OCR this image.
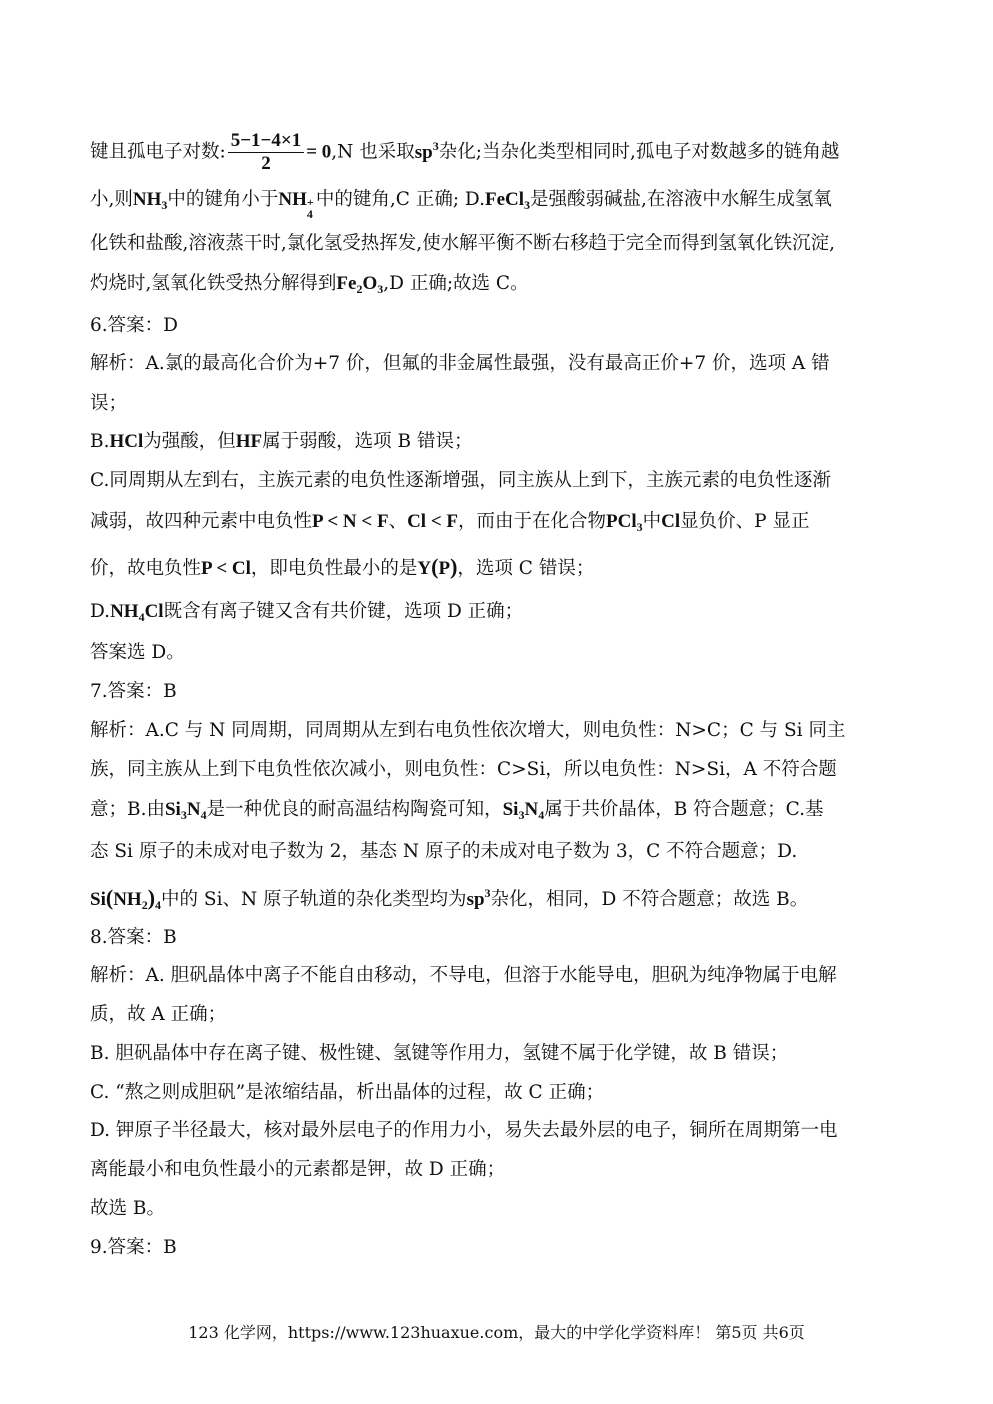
键且孤电子对数: $\frac{5-1-4\times 1}{2} = 0,N$ 也采取$sp^3$杂化;当杂化类型相同时,孤电子对数越多的链角越
小,则$NH_3$中的键角小于NH +
4
中的键角,C 正确; D.FeCl$_3$是强酸弱碱盐,在溶液中水解生成氢氧
化铁和盐酸,溶液蒸干时,氯化氢受热挥发,使水解平衡不断右移趋于完全而得到氢氧化铁沉淀,
灼烧时,氢氧化铁受热分解得到$Fe_2O_3,D$ 正确;故选 C。
6.答案：D
解析：A.氯的最高化合价为+7 价，但氟的非金属性最强，没有最高正价+7 价，选项 A 错
误；
B.HCl为强酸，但HF属于弱酸，选项 B 错误；
C.同周期从左到右，主族元素的电负性逐渐增强，同主族从上到下，主族元素的电负性逐渐
减弱，故四种元素中电负性P < N < F、Cl < F，而由于在化合物PCl$_3$中Cl显负价、P 显正
价，故电负性P < Cl，即电负性最小的是Y(P)，选项 C 错误；
$D.NH_4Cl$既含有离子键又含有共价键，选项 D 正确；
答案选 D。
7.答案：B
解析：A.C 与 N 同周期，同周期从左到右电负性依次增大，则电负性：N>C；C 与 Si 同主
族，同主族从上到下电负性依次减小，则电负性：C>Si，所以电负性：N>Si，A 不符合题
意；B.由$Si_3N_4$是一种优良的耐高温结构陶瓷可知，$Si_3N_4$属于共价晶体，B 符合题意；C.基
态 Si 原子的未成对电子数为 2，基态 N 原子的未成对电子数为 3，C 不符合题意；D.
$Si(NH_2)_4$中的 Si、N 原子轨道的杂化类型均为$sp^3$杂化，相同，D 不符合题意；故选 B。
8.答案：B
解析：A. 胆矾晶体中离子不能自由移动，不导电，但溶于水能导电，胆矾为纯净物属于电解
质，故 A 正确；
B. 胆矾晶体中存在离子键、极性键、氢键等作用力，氢键不属于化学键，故 B 错误；
C. “熬之则成胆矾”是浓缩结晶，析出晶体的过程，故 C 正确；
D. 钾原子半径最大，核对最外层电子的作用力小，易失去最外层的电子，铜所在周期第一电
离能最小和电负性最小的元素都是钾，故 D 正确；
故选 B。
9.答案：B
123 化学网，https://www.123huaxue.com，最大的中学化学资料库！ 第5页 共6页
